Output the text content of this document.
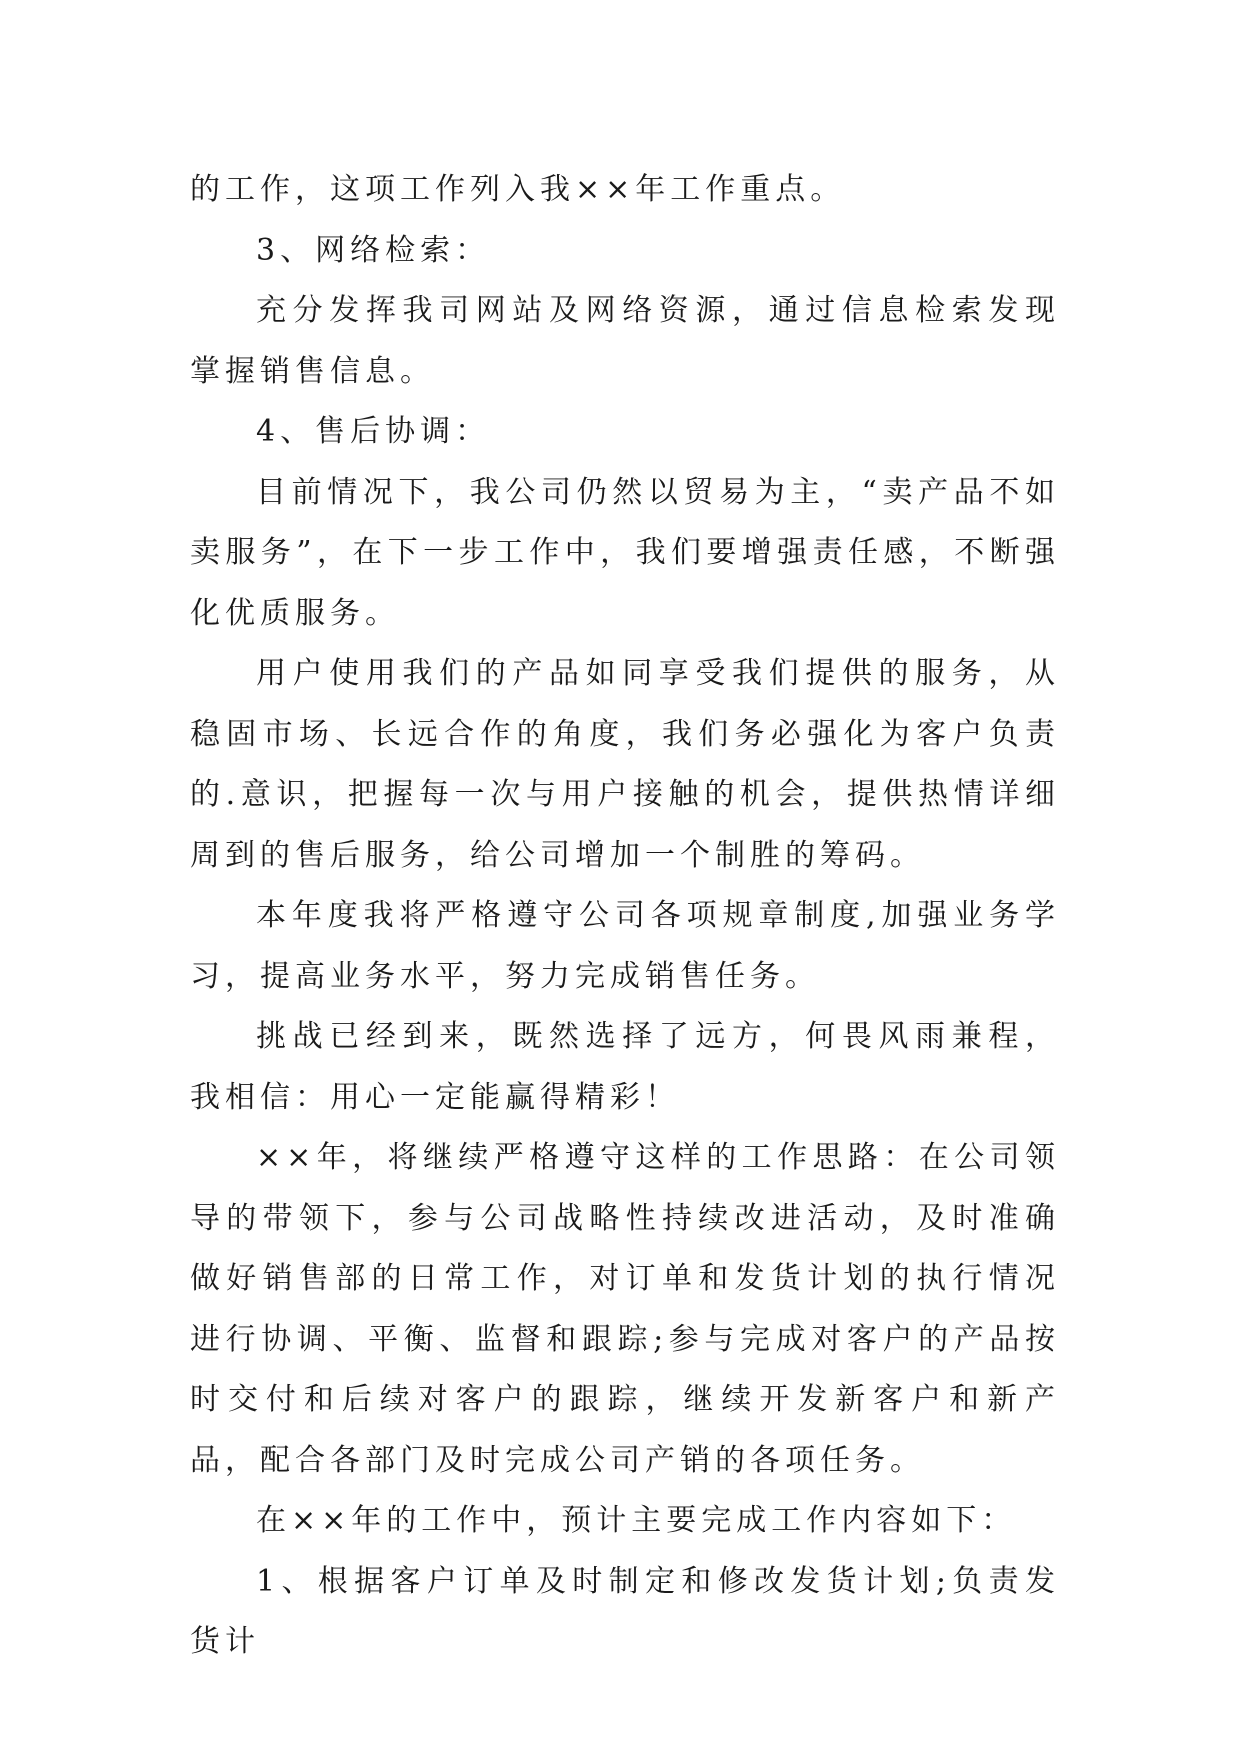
的工作，这项工作列入我××年工作重点。

3、网络检索：

充分发挥我司网站及网络资源，通过信息检索发现掌握销售信息。

4、售后协调：

目前情况下，我公司仍然以贸易为主，“卖产品不如卖服务”，在下一步工作中，我们要增强责任感，不断强化优质服务。

用户使用我们的产品如同享受我们提供的服务，从稳固市场、长远合作的角度，我们务必强化为客户负责的.意识，把握每一次与用户接触的机会，提供热情详细周到的售后服务，给公司增加一个制胜的筹码。

本年度我将严格遵守公司各项规章制度,加强业务学习，提高业务水平，努力完成销售任务。

挑战已经到来，既然选择了远方，何畏风雨兼程，我相信：用心一定能赢得精彩！

××年，将继续严格遵守这样的工作思路：在公司领导的带领下，参与公司战略性持续改进活动，及时准确做好销售部的日常工作，对订单和发货计划的执行情况进行协调、平衡、监督和跟踪;参与完成对客户的产品按时交付和后续对客户的跟踪，继续开发新客户和新产品，配合各部门及时完成公司产销的各项任务。

在××年的工作中，预计主要完成工作内容如下：

1、根据客户订单及时制定和修改发货计划;负责发货计
